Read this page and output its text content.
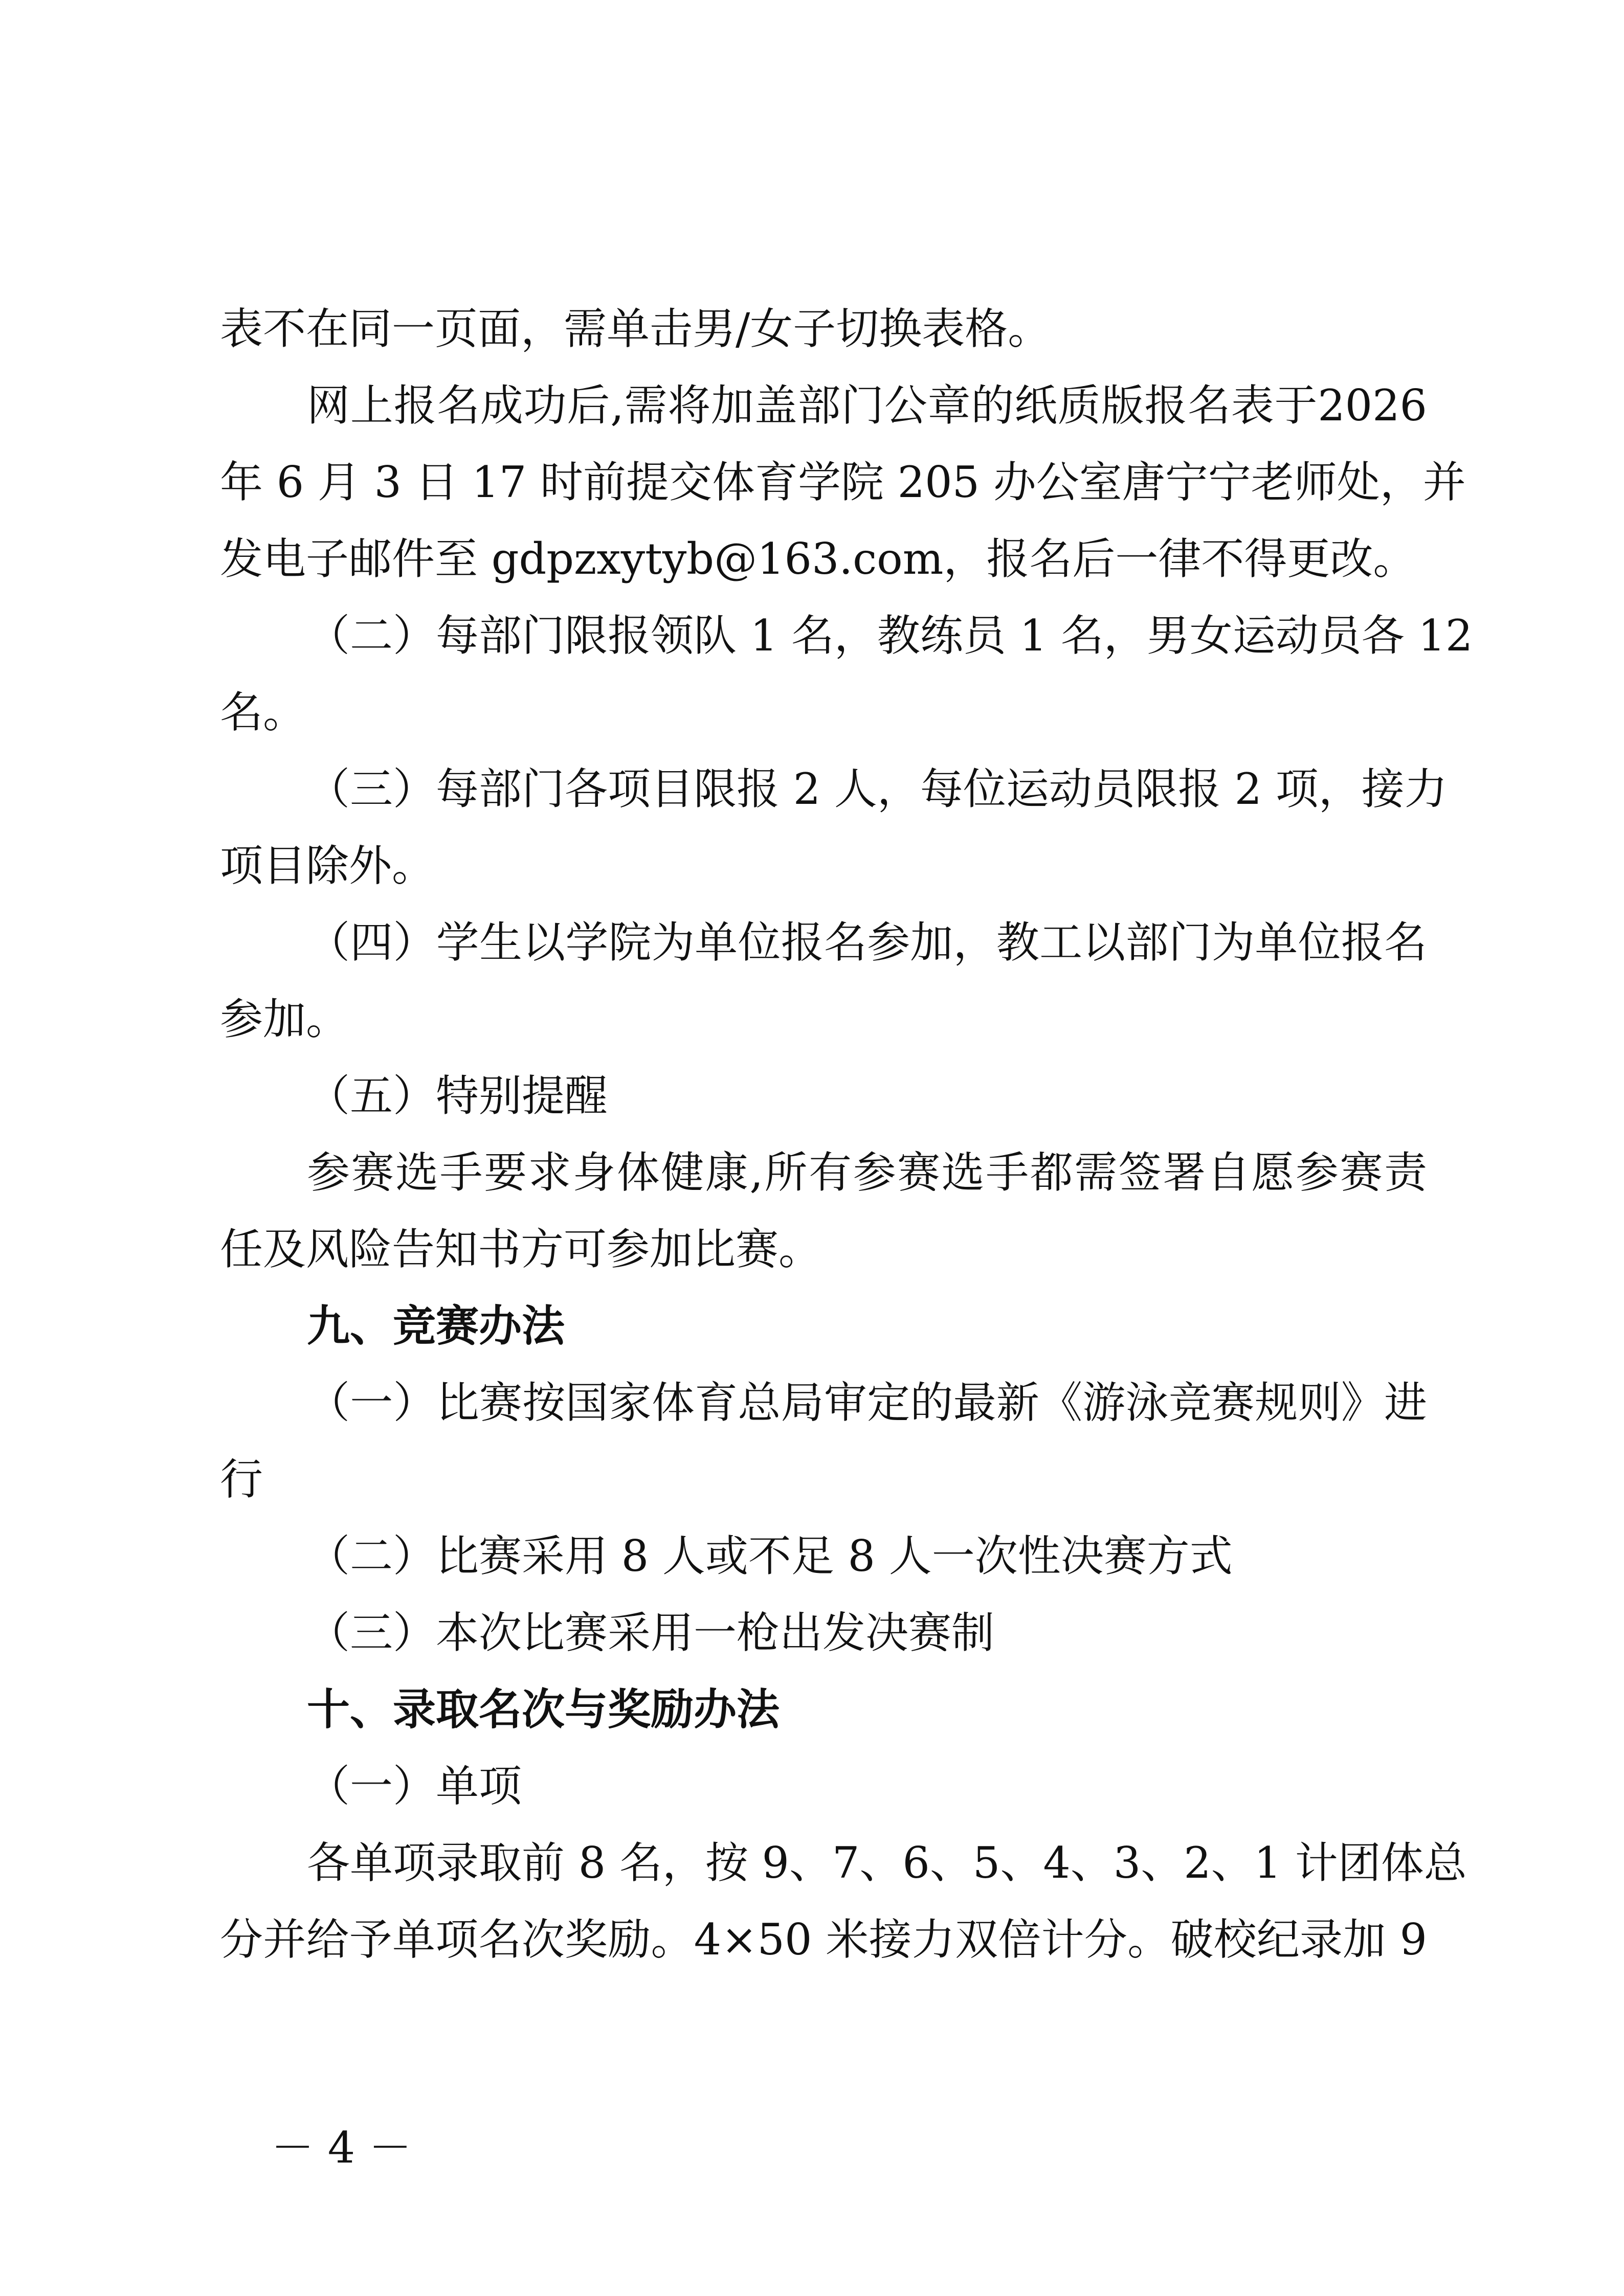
表不在同一页面，需单击男/女子切换表格。
网上报名成功后,需将加盖部门公章的纸质版报名表于2026
年 6 月 3 日 17 时前提交体育学院 205 办公室唐宁宁老师处，并
发电子邮件至 gdpzxytyb@163.com，报名后一律不得更改。
（二）每部门限报领队 1 名，教练员 1 名，男女运动员各 12
名。
（三）每部门各项目限报 2 人，每位运动员限报 2 项，接力
项目除外。
（四）学生以学院为单位报名参加，教工以部门为单位报名
参加。
（五）特别提醒
参赛选手要求身体健康,所有参赛选手都需签署自愿参赛责
任及风险告知书方可参加比赛。
九、竞赛办法
（一）比赛按国家体育总局审定的最新《游泳竞赛规则》进
行
（二）比赛采用 8 人或不足 8 人一次性决赛方式
（三）本次比赛采用一枪出发决赛制
十、录取名次与奖励办法
（一）单项
各单项录取前 8 名，按 9、7、6、5、4、3、2、1 计团体总
分并给予单项名次奖励。4×50 米接力双倍计分。破校纪录加 9
－ 4 －
